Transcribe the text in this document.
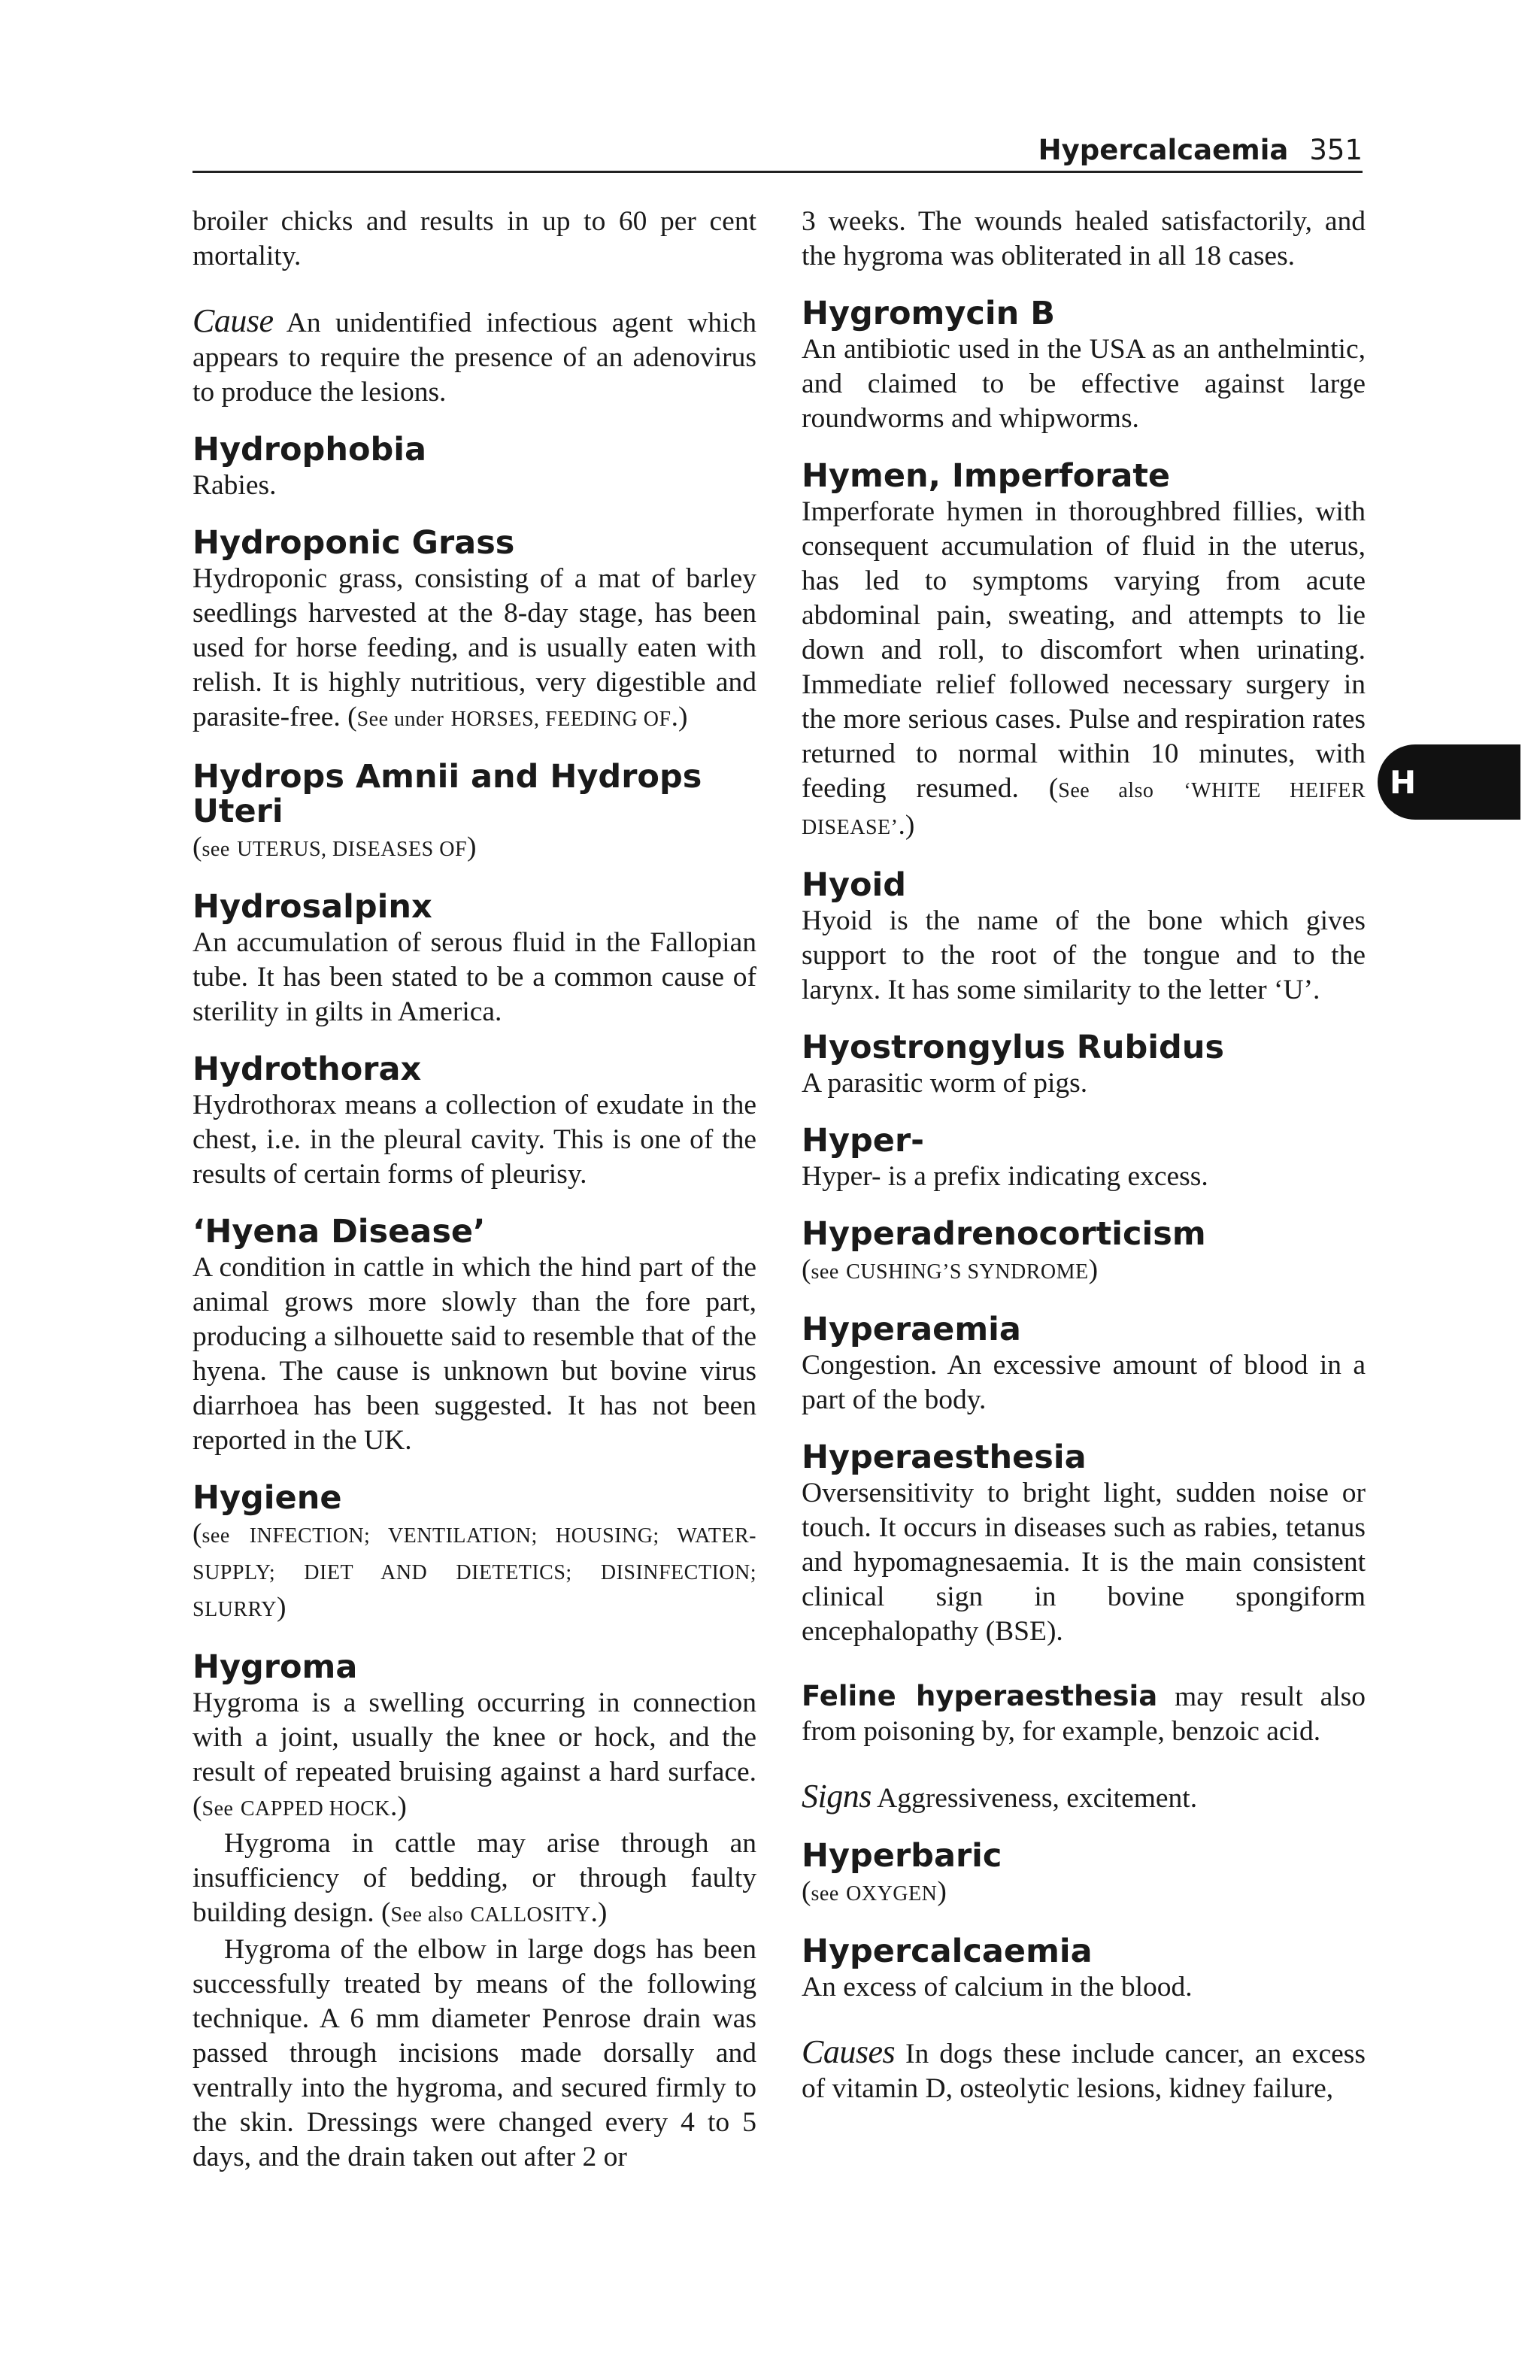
Hypercalcaemia 351
H

broiler chicks and results in up to 60 per cent mortality.

Cause An unidentified infectious agent which appears to require the presence of an adenovirus to produce the lesions.

Hydrophobia

Rabies.

Hydroponic Grass

Hydroponic grass, consisting of a mat of barley seedlings harvested at the 8-day stage, has been used for horse feeding, and is usually eaten with relish. It is highly nutritious, very digestible and parasite-free. (See under HORSES, FEEDING OF.)

Hydrops Amnii and Hydrops Uteri

(see UTERUS, DISEASES OF)

Hydrosalpinx

An accumulation of serous fluid in the Fallopian tube. It has been stated to be a common cause of sterility in gilts in America.

Hydrothorax

Hydrothorax means a collection of exudate in the chest, i.e. in the pleural cavity. This is one of the results of certain forms of pleurisy.

‘Hyena Disease’

A condition in cattle in which the hind part of the animal grows more slowly than the fore part, producing a silhouette said to resemble that of the hyena. The cause is unknown but bovine virus diarrhoea has been suggested. It has not been reported in the UK.

Hygiene

(see INFECTION; VENTILATION; HOUSING; WATER-SUPPLY; DIET AND DIETETICS; DISINFECTION; SLURRY)

Hygroma

Hygroma is a swelling occurring in connection with a joint, usually the knee or hock, and the result of repeated bruising against a hard surface. (See CAPPED HOCK.)

Hygroma in cattle may arise through an insufficiency of bedding, or through faulty building design. (See also CALLOSITY.)

Hygroma of the elbow in large dogs has been successfully treated by means of the following technique. A 6 mm diameter Penrose drain was passed through incisions made dorsally and ventrally into the hygroma, and secured firmly to the skin. Dressings were changed every 4 to 5 days, and the drain taken out after 2 or

3 weeks. The wounds healed satisfactorily, and the hygroma was obliterated in all 18 cases.

Hygromycin B

An antibiotic used in the USA as an anthelmintic, and claimed to be effective against large roundworms and whipworms.

Hymen, Imperforate

Imperforate hymen in thoroughbred fillies, with consequent accumulation of fluid in the uterus, has led to symptoms varying from acute abdominal pain, sweating, and attempts to lie down and roll, to discomfort when urinating. Immediate relief followed necessary surgery in the more serious cases. Pulse and respiration rates returned to normal within 10 minutes, with feeding resumed. (See also ‘WHITE HEIFER DISEASE’.)

Hyoid

Hyoid is the name of the bone which gives support to the root of the tongue and to the larynx. It has some similarity to the letter ‘U’.

Hyostrongylus Rubidus

A parasitic worm of pigs.

Hyper-

Hyper- is a prefix indicating excess.

Hyperadrenocorticism

(see CUSHING’S SYNDROME)

Hyperaemia

Congestion. An excessive amount of blood in a part of the body.

Hyperaesthesia

Oversensitivity to bright light, sudden noise or touch. It occurs in diseases such as rabies, tetanus and hypomagnesaemia. It is the main consistent clinical sign in bovine spongiform encephalopathy (BSE).

Feline hyperaesthesia may result also from poisoning by, for example, benzoic acid.

Signs Aggressiveness, excitement.

Hyperbaric

(see OXYGEN)

Hypercalcaemia

An excess of calcium in the blood.

Causes In dogs these include cancer, an excess of vitamin D, osteolytic lesions, kidney failure,
